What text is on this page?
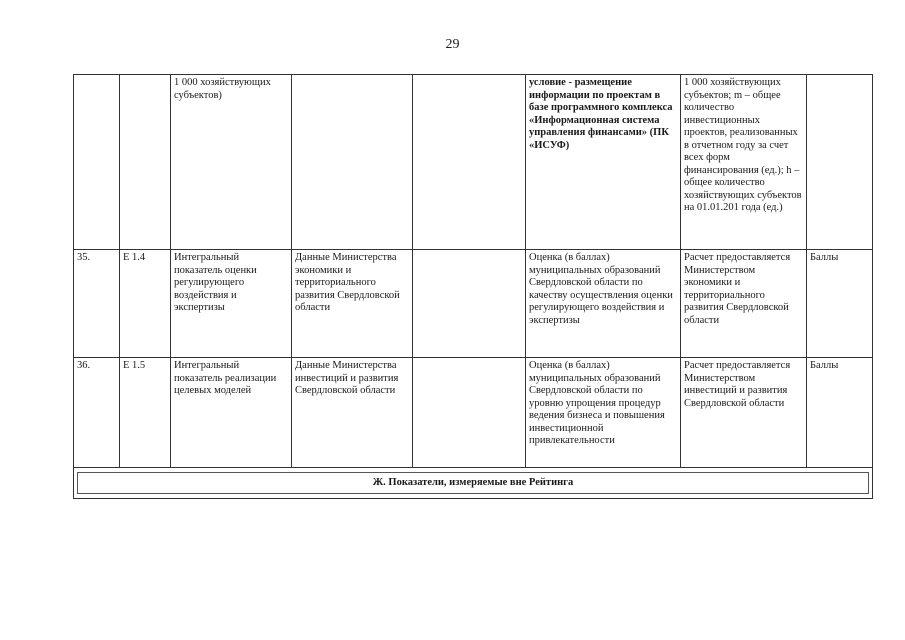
29
		1 000 хозяйствующих субъектов)			условие - размещение информации по проектам в базе программного комплекса «Информационная система управления финансами» (ПК «ИСУФ)	1 000 хозяйствующих субъектов; m – общее количество инвестиционных проектов, реализованных в отчетном году за счет всех форм финансирования (ед.); h – общее количество хозяйствующих субъектов на 01.01.201 года (ед.)	
35.	Е 1.4	Интегральный показатель оценки регулирующего воздействия и экспертизы	Данные Министерства экономики и территориального развития Свердловской области		Оценка (в баллах) муниципальных образований Свердловской области по качеству осуществления оценки регулирующего воздействия и экспертизы	Расчет предоставляется Министерством экономики и территориального развития Свердловской области	Баллы
36.	Е 1.5	Интегральный показатель реализации целевых моделей	Данные Министерства инвестиций и развития Свердловской области		Оценка (в баллах) муниципальных образований Свердловской области по уровню упрощения процедур ведения бизнеса и повышения инвестиционной привлекательности	Расчет предоставляется Министерством инвестиций и развития Свердловской области	Баллы

Ж. Показатели, измеряемые вне Рейтинга							
